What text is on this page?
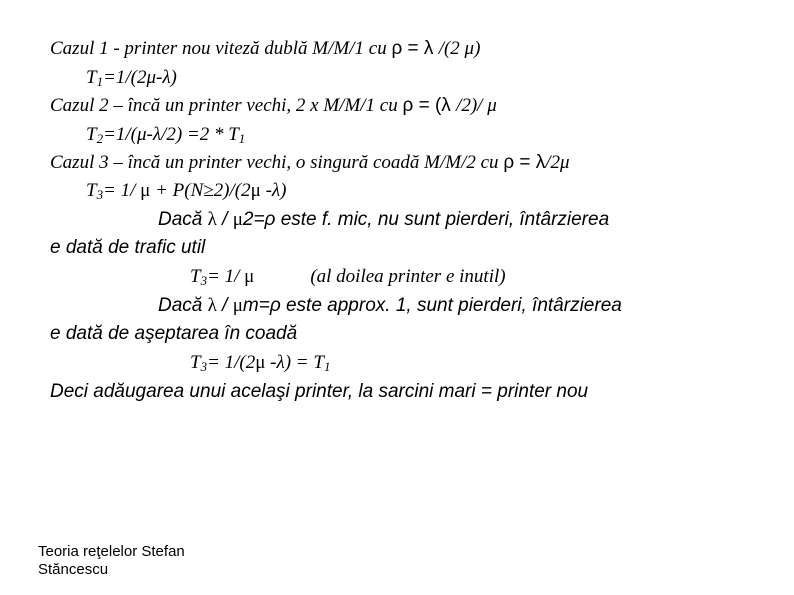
Cazul 1 - printer nou viteză dublă M/M/1 cu ρ = λ /(2 μ)
$T_1=1/(2\mu-\lambda)$
Cazul 2 – încă un printer vechi, 2 x M/M/1 cu ρ = (λ /2)/ μ
$T_2=1/(\mu-\lambda/2) =2 * T_1$
Cazul 3 – încă un printer vechi, o singură coadă M/M/2 cu ρ = λ/2μ
$T_3= 1/$ μ + P(N≥2)/(2μ -λ)
Dacă λ / μ2=ρ este f. mic, nu sunt pierderi, întârzierea
e dată de trafic util
$T_3= 1/$ μ	(al doilea printer e inutil)
Dacă λ / μm=ρ este approx. 1, sunt pierderi, întârzierea
e dată de aşeptarea în coadă
$T_3= 1/(2\mu$ $-\lambda) = T_1$
Deci adăugarea unui acelaşi printer, la sarcini mari = printer nou
Teoria reţelelor Stefan
Stăncescu
